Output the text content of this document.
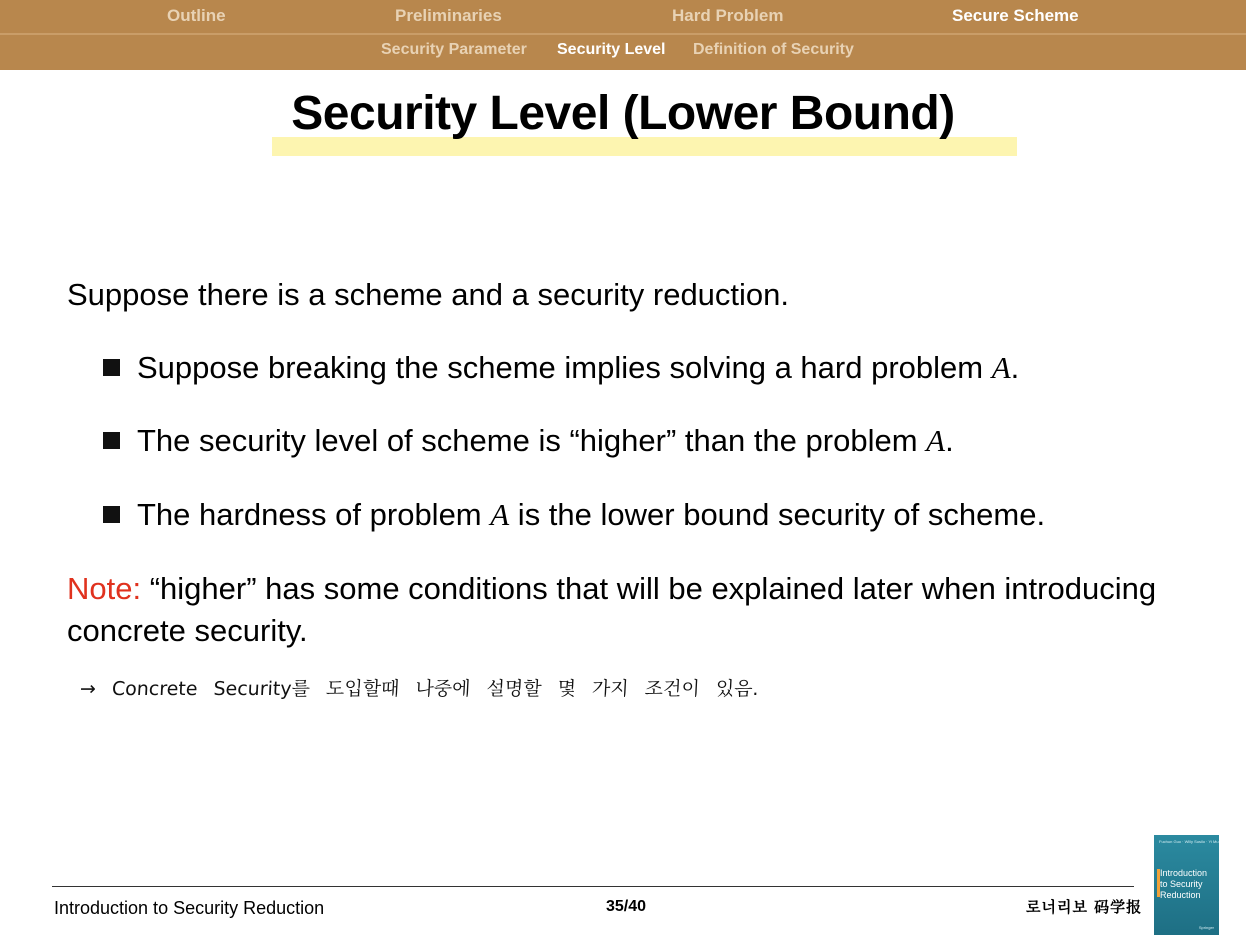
Outline	Preliminaries	Hard Problem	Secure Scheme
Security Parameter Security Level Definition of Security
Security Level (Lower Bound)
Suppose there is a scheme and a security reduction.
Suppose breaking the scheme implies solving a hard problem A.
The security level of scheme is “higher” than the problem A.
The hardness of problem A is the lower bound security of scheme.
Note: “higher” has some conditions that will be explained later when introducing concrete security.
→ Concrete Security를 도입할때 나중에 설명할 몇 가지 조건이 있음.
Introduction to Security Reduction	35/40	로너리보 码学报
Fuchun Guo · Willy Susilo · Yi Mu
Introduction
to Security
Reduction
Springer
